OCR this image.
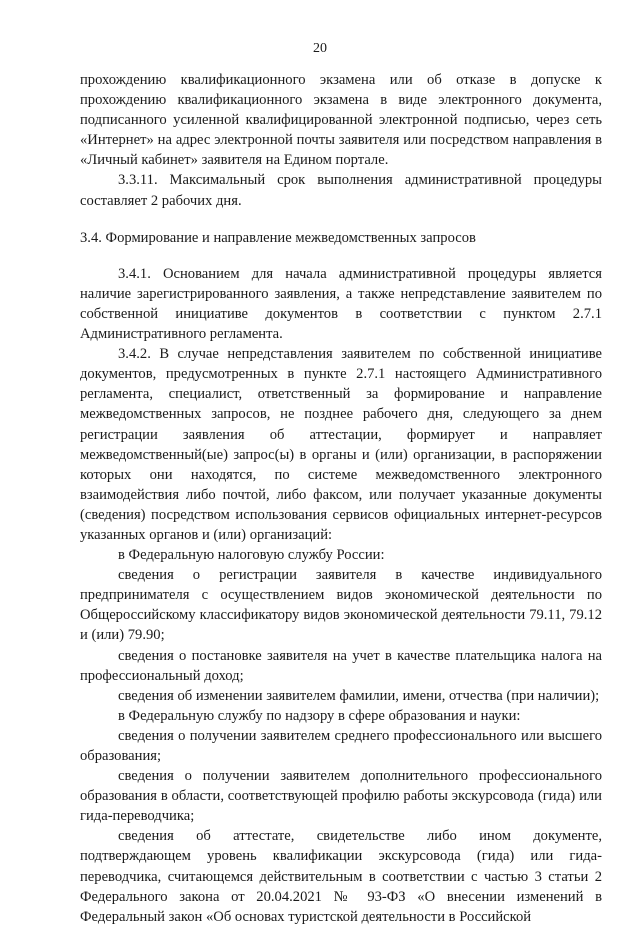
20

прохождению квалификационного экзамена или об отказе в допуске к прохождению квалификационного экзамена в виде электронного документа, подписанного усиленной квалифицированной электронной подписью, через сеть «Интернет» на адрес электронной почты заявителя или посредством направления в «Личный кабинет» заявителя на Едином портале.

3.3.11. Максимальный срок выполнения административной процедуры составляет 2 рабочих дня.

3.4. Формирование и направление межведомственных запросов

3.4.1. Основанием для начала административной процедуры является наличие зарегистрированного заявления, а также непредставление заявителем по собственной инициативе документов в соответствии с пунктом 2.7.1 Административного регламента.

3.4.2. В случае непредставления заявителем по собственной инициативе документов, предусмотренных в пункте 2.7.1 настоящего Административного регламента, специалист, ответственный за формирование и направление межведомственных запросов, не позднее рабочего дня, следующего за днем регистрации заявления об аттестации, формирует и направляет межведомственный(ые) запрос(ы) в органы и (или) организации, в распоряжении которых они находятся, по системе межведомственного электронного взаимодействия либо почтой, либо факсом, или получает указанные документы (сведения) посредством использования сервисов официальных интернет-ресурсов указанных органов и (или) организаций:

в Федеральную налоговую службу России:

сведения о регистрации заявителя в качестве индивидуального предпринимателя с осуществлением видов экономической деятельности по Общероссийскому классификатору видов экономической деятельности 79.11, 79.12 и (или) 79.90;

сведения о постановке заявителя на учет в качестве плательщика налога на профессиональный доход;

сведения об изменении заявителем фамилии, имени, отчества (при наличии);

в Федеральную службу по надзору в сфере образования и науки:

сведения о получении заявителем среднего профессионального или высшего образования;

сведения о получении заявителем дополнительного профессионального образования в области, соответствующей профилю работы экскурсовода (гида) или гида-переводчика;

сведения об аттестате, свидетельстве либо ином документе, подтверждающем уровень квалификации экскурсовода (гида) или гида-переводчика, считающемся действительным в соответствии с частью 3 статьи 2 Федерального закона от 20.04.2021 № 93-ФЗ «О внесении изменений в Федеральный закон «Об основах туристской деятельности в Российской
